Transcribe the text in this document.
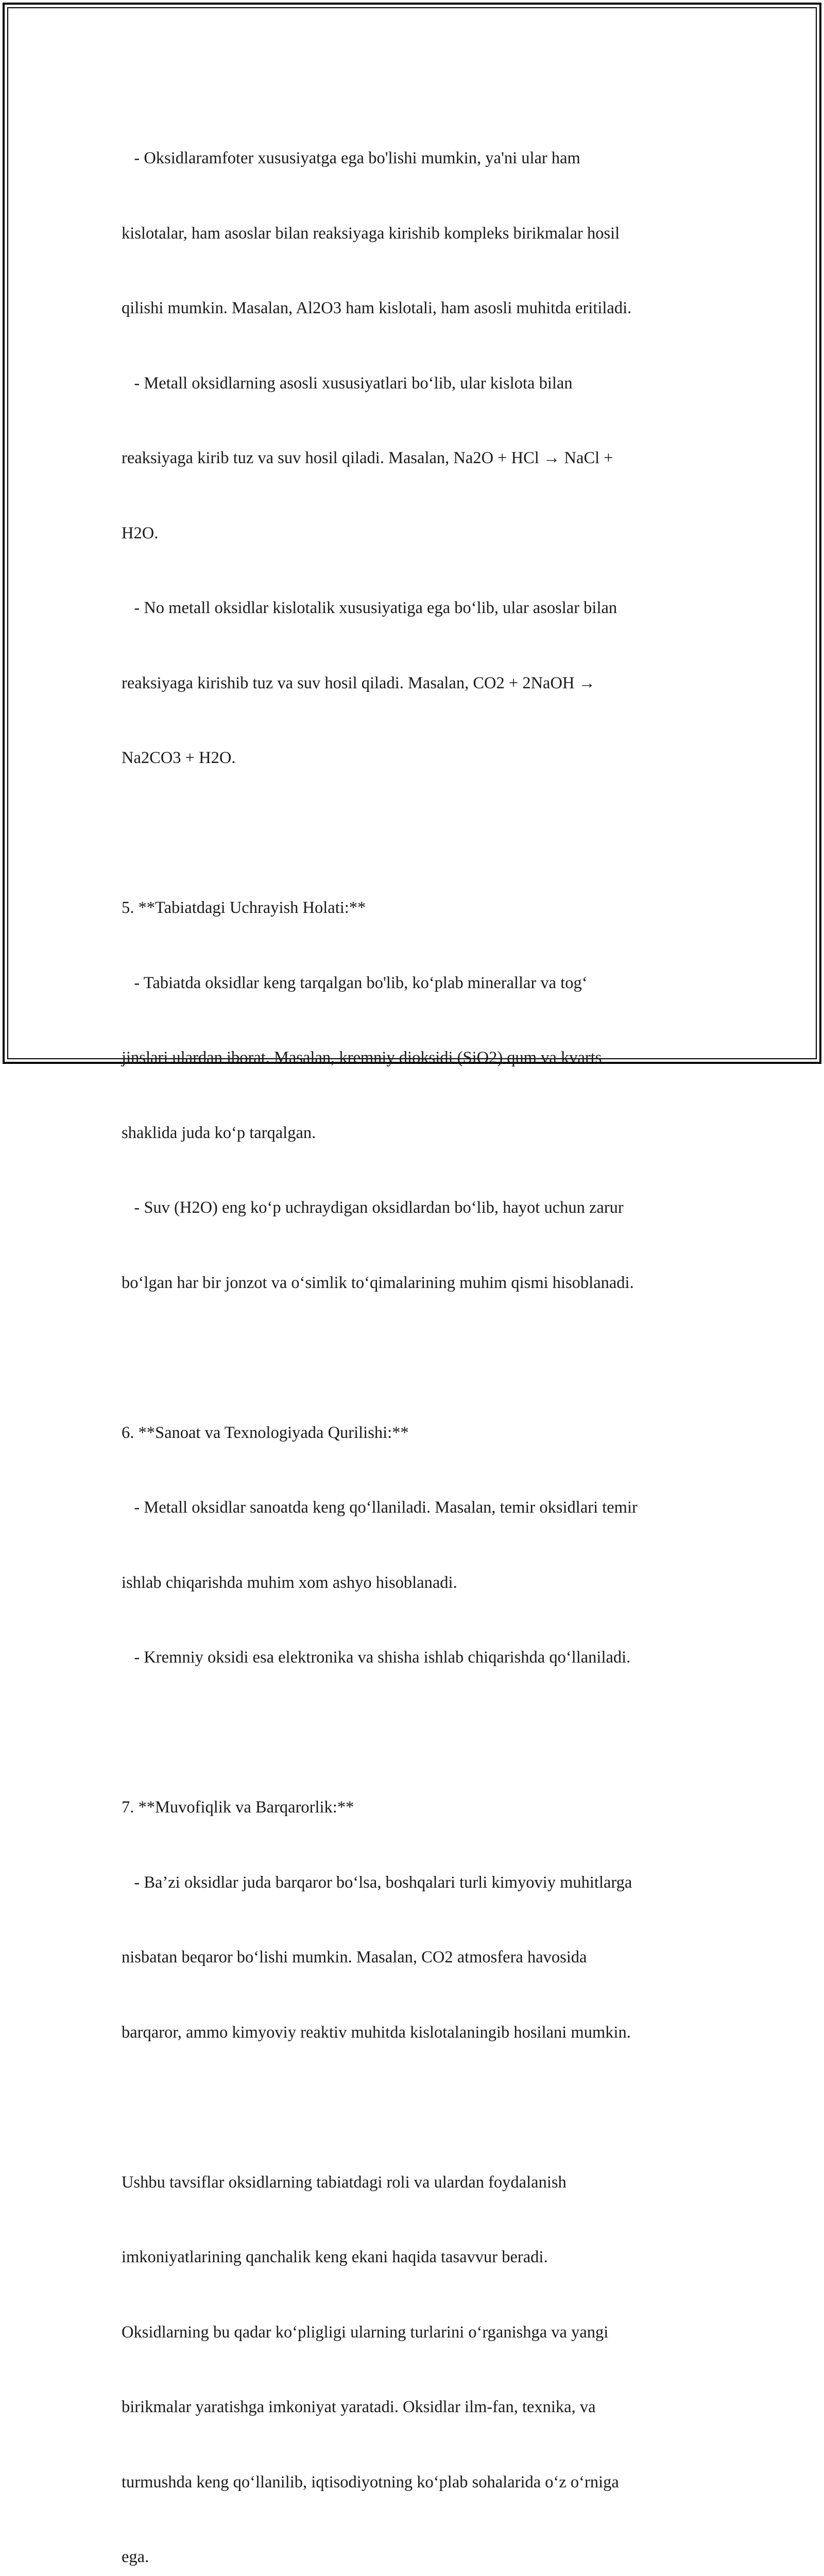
- Oksidlaramfoter xususiyatga ega bo'lishi mumkin, ya'ni ular ham

kislotalar, ham asoslar bilan reaksiyaga kirishib kompleks birikmalar hosil

qilishi mumkin. Masalan, Al2O3 ham kislotali, ham asosli muhitda eritiladi.

- Metall oksidlarning asosli xususiyatlari boʻlib, ular kislota bilan

reaksiyaga kirib tuz va suv hosil qiladi. Masalan, Na2O + HCl → NaCl +

H2O.

- No metall oksidlar kislotalik xususiyatiga ega boʻlib, ular asoslar bilan

reaksiyaga kirishib tuz va suv hosil qiladi. Masalan, CO2 + 2NaOH →

Na2CO3 + H2O.

5. **Tabiatdagi Uchrayish Holati:**

- Tabiatda oksidlar keng tarqalgan bo'lib, koʻplab minerallar va togʻ

jinslari ulardan iborat. Masalan, kremniy dioksidi (SiO2) qum va kvarts

shaklida juda koʻp tarqalgan.

- Suv (H2O) eng koʻp uchraydigan oksidlardan boʻlib, hayot uchun zarur

boʻlgan har bir jonzot va oʻsimlik toʻqimalarining muhim qismi hisoblanadi.

6. **Sanoat va Texnologiyada Qurilishi:**

- Metall oksidlar sanoatda keng qoʻllaniladi. Masalan, temir oksidlari temir

ishlab chiqarishda muhim xom ashyo hisoblanadi.

- Kremniy oksidi esa elektronika va shisha ishlab chiqarishda qoʻllaniladi.

7. **Muvofiqlik va Barqarorlik:**

- Ba’zi oksidlar juda barqaror boʻlsa, boshqalari turli kimyoviy muhitlarga

nisbatan beqaror boʻlishi mumkin. Masalan, CO2 atmosfera havosida

barqaror, ammo kimyoviy reaktiv muhitda kislotalaningib hosilani mumkin.

Ushbu tavsiflar oksidlarning tabiatdagi roli va ulardan foydalanish

imkoniyatlarining qanchalik keng ekani haqida tasavvur beradi.

Oksidlarning bu qadar koʻpligligi ularning turlarini oʻrganishga va yangi

birikmalar yaratishga imkoniyat yaratadi. Oksidlar ilm-fan, texnika, va

turmushda keng qoʻllanilib, iqtisodiyotning koʻplab sohalarida oʻz oʻrniga

ega.
